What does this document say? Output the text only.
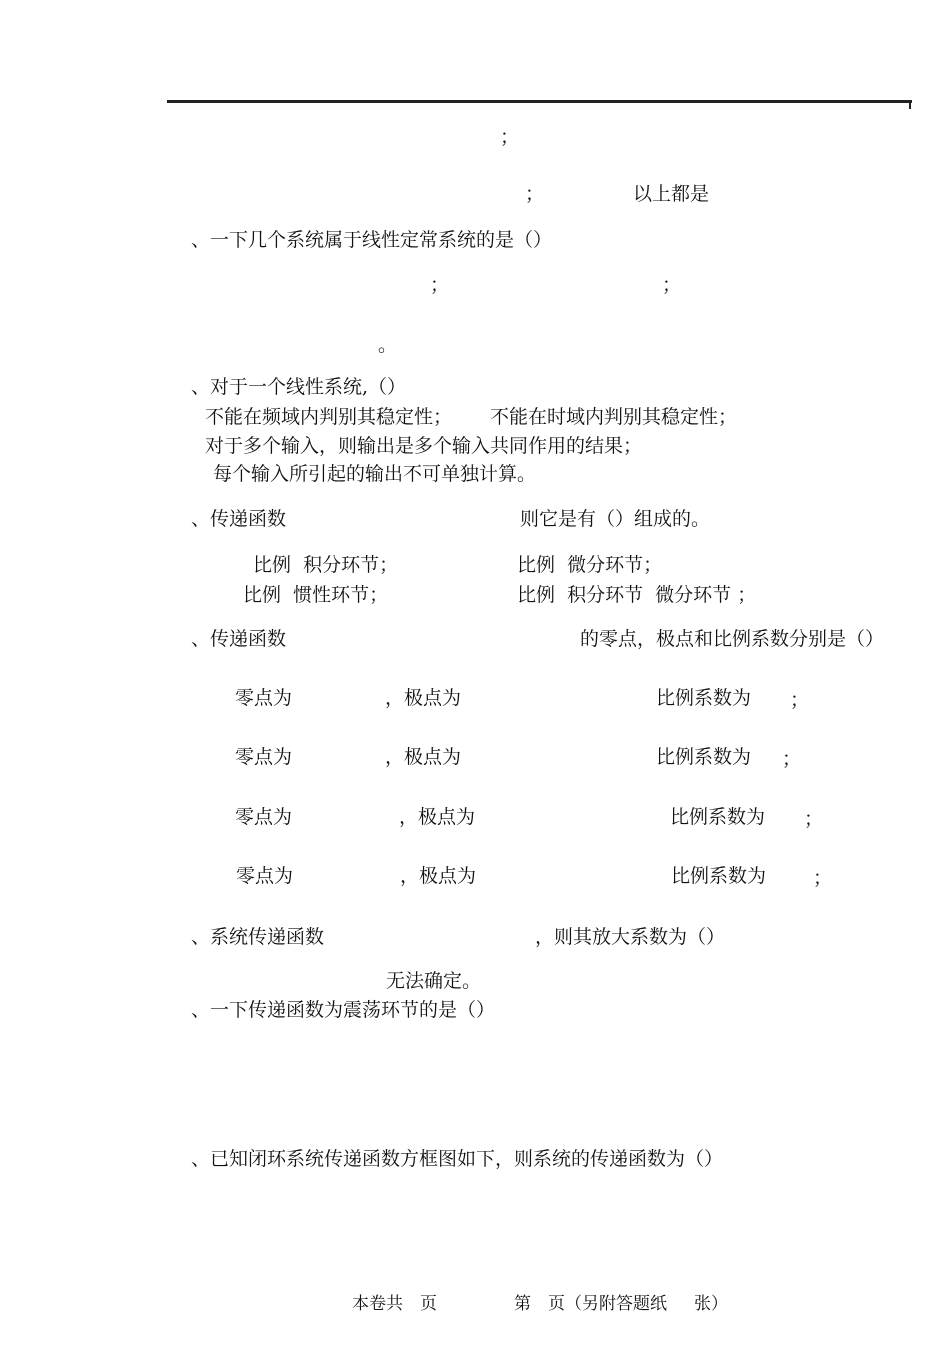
；
；	以上都是
、一下几个系统属于线性定常系统的是（）
；	；
。
、对于一个线性系统,（）
不能在频域内判别其稳定性； 不能在时域内判别其稳定性；
对于多个输入，则输出是多个输入共同作用的结果；
每个输入所引起的输出不可单独计算。
、传递函数	则它是有（）组成的。
比例  积分环节；	比例  微分环节；
比例  惯性环节；	比例  积分环节  微分环节 ；
、传递函数	的零点，极点和比例系数分别是（）
零点为	，极点为	比例系数为 ；
零点为	，极点为	比例系数为 ；
零点为	，极点为	比例系数为 ；
零点为	，极点为	比例系数为 ；
、系统传递函数	，则其放大系数为（）
无法确定。
、一下传递函数为震荡环节的是（）
、已知闭环系统传递函数方框图如下，则系统的传递函数为（）
本卷共 页	第 页（另附答题纸 张）
